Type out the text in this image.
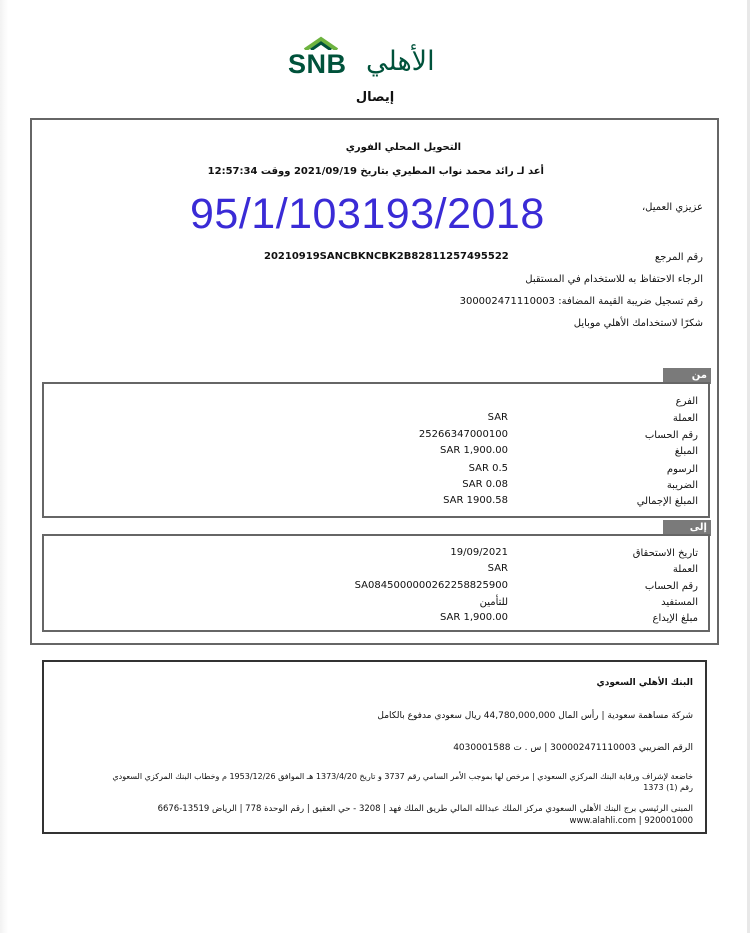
SNB الأهلي
إيصال
التحويل المحلي الفوري
أعد لـ رائد محمد نواب المطيري بتاريخ 2021/09/19 ووقت 12:57:34
عزيزي العميل،
رقم المرجع
20210919SANCBKNCBK2B82811257495522
الرجاء الاحتفاظ به للاستخدام في المستقبل
رقم تسجيل ضريبة القيمة المضافة: 300002471110003
شكرًا لاستخدامك الأهلي موبايل
من
الفرع
العملة
SAR
رقم الحساب
25266347000100
المبلغ
1,900.00 SAR
الرسوم
0.5 SAR
الضريبة
0.08 SAR
المبلغ الإجمالي
1900.58 SAR
إلى
تاريخ الاستحقاق
19/09/2021
العملة
SAR
رقم الحساب
SA0845000000262258825900
المستفيد
للتأمين
مبلغ الإيداع
1,900.00 SAR
95/1/103193/2018
البنك الأهلي السعودي
شركة مساهمة سعودية | رأس المال 44,780,000,000 ريال سعودي مدفوع بالكامل
الرقم الضريبي 300002471110003 | س . ت 4030001588
خاضعة لإشراف ورقابة البنك المركزي السعودي | مرخص لها بموجب الأمر السامي رقم 3737 و تاريخ 1373/4/20 هـ الموافق 1953/12/26 م وخطاب البنك المركزي السعودي
رقم (1) 1373
المبنى الرئيسي برج البنك الأهلي السعودي مركز الملك عبدالله المالي طريق الملك فهد | 3208 - حي العقيق | رقم الوحدة 778 | الرياض 13519-6676
920001000 | www.alahli.com
